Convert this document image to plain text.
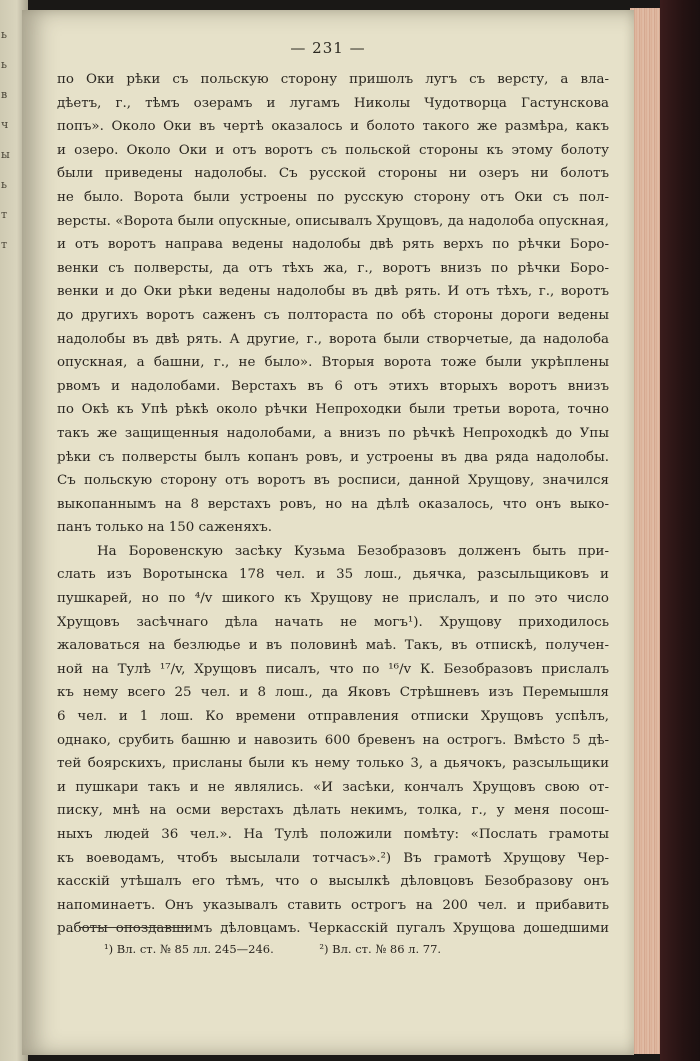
ь
ь
в
ч
ы
ь
т
т
— 231 —
по Оки рѣки съ польскую сторону пришолъ лугъ съ версту, а вла-
дѣетъ, г., тѣмъ озерамъ и лугамъ Николы Чудотворца Гастунскова
попъ». Около Оки въ чертѣ оказалось и болото такого же размѣра, какъ
и озеро. Около Оки и отъ воротъ съ польской стороны къ этому болоту
были приведены надолобы. Съ русской стороны ни озеръ ни болотъ
не было. Ворота были устроены по русскую сторону отъ Оки съ пол-
версты. «Ворота были опускные, описывалъ Хрущовъ, да надолоба опускная,
и отъ воротъ направа ведены надолобы двѣ рять верхъ по рѣчки Боро-
венки съ полверсты, да отъ тѣхъ жа, г., воротъ внизъ по рѣчки Боро-
венки и до Оки рѣки ведены надолобы въ двѣ рять. И отъ тѣхъ, г., воротъ
до другихъ воротъ саженъ съ полтораста по обѣ стороны дороги ведены
надолобы въ двѣ рять. А другие, г., ворота были створчетые, да надолоба
опускная, а башни, г., не было». Вторыя ворота тоже были укрѣплены
рвомъ и надолобами. Верстахъ въ 6 отъ этихъ вторыхъ воротъ внизъ
по Окѣ къ Упѣ рѣкѣ около рѣчки Непроходки были третьи ворота, точно
такъ же защищенныя надолобами, а внизъ по рѣчкѣ Непроходкѣ до Упы
рѣки съ полверсты былъ копанъ ровъ, и устроены въ два ряда надолобы.
Съ польскую сторону отъ воротъ въ росписи, данной Хрущову, значился
выкопаннымъ на 8 верстахъ ровъ, но на дѣлѣ оказалось, что онъ выко-
панъ только на 150 саженяхъ.
На Боровенскую засѣку Кузьма Безобразовъ долженъ быть при-
слать изъ Воротынска 178 чел. и 35 лош., дьячка, разсыльщиковъ и
пушкарей, но по ⁴/v шикого къ Хрущову не прислалъ, и по это число
Хрущовъ засѣчнаго дѣла начать не могъ¹). Хрущову приходилось
жаловаться на безлюдье и въ половинѣ маѣ. Такъ, въ отпискѣ, получен-
ной на Тулѣ ¹⁷/v, Хрущовъ писалъ, что по ¹⁶/v К. Безобразовъ прислалъ
къ нему всего 25 чел. и 8 лош., да Яковъ Стрѣшневъ изъ Перемышля
6 чел. и 1 лош. Ко времени отправления отписки Хрущовъ успѣлъ,
однако, срубить башню и навозить 600 бревенъ на острогъ. Вмѣсто 5 дѣ-
тей боярскихъ, присланы были къ нему только 3, а дьячокъ, разсыльщики
и пушкари такъ и не являлись. «И засѣки, кончалъ Хрущовъ свою от-
писку, мнѣ на осми верстахъ дѣлать некимъ, толка, г., у меня посош-
ныхъ людей 36 чел.». На Тулѣ положили помѣту: «Послать грамоты
къ воеводамъ, чтобъ высылали тотчасъ».²) Въ грамотѣ Хрущову Чер-
касскій утѣшалъ его тѣмъ, что о высылкѣ дѣловцовъ Безобразову онъ
напоминаетъ. Онъ указывалъ ставить острогъ на 200 чел. и прибавить
работы опоздавшимъ дѣловцамъ. Черкасскій пугалъ Хрущова дошедшими
¹) Вл. ст. № 85 лл. 245—246.	²) Вл. ст. № 86 л. 77.
